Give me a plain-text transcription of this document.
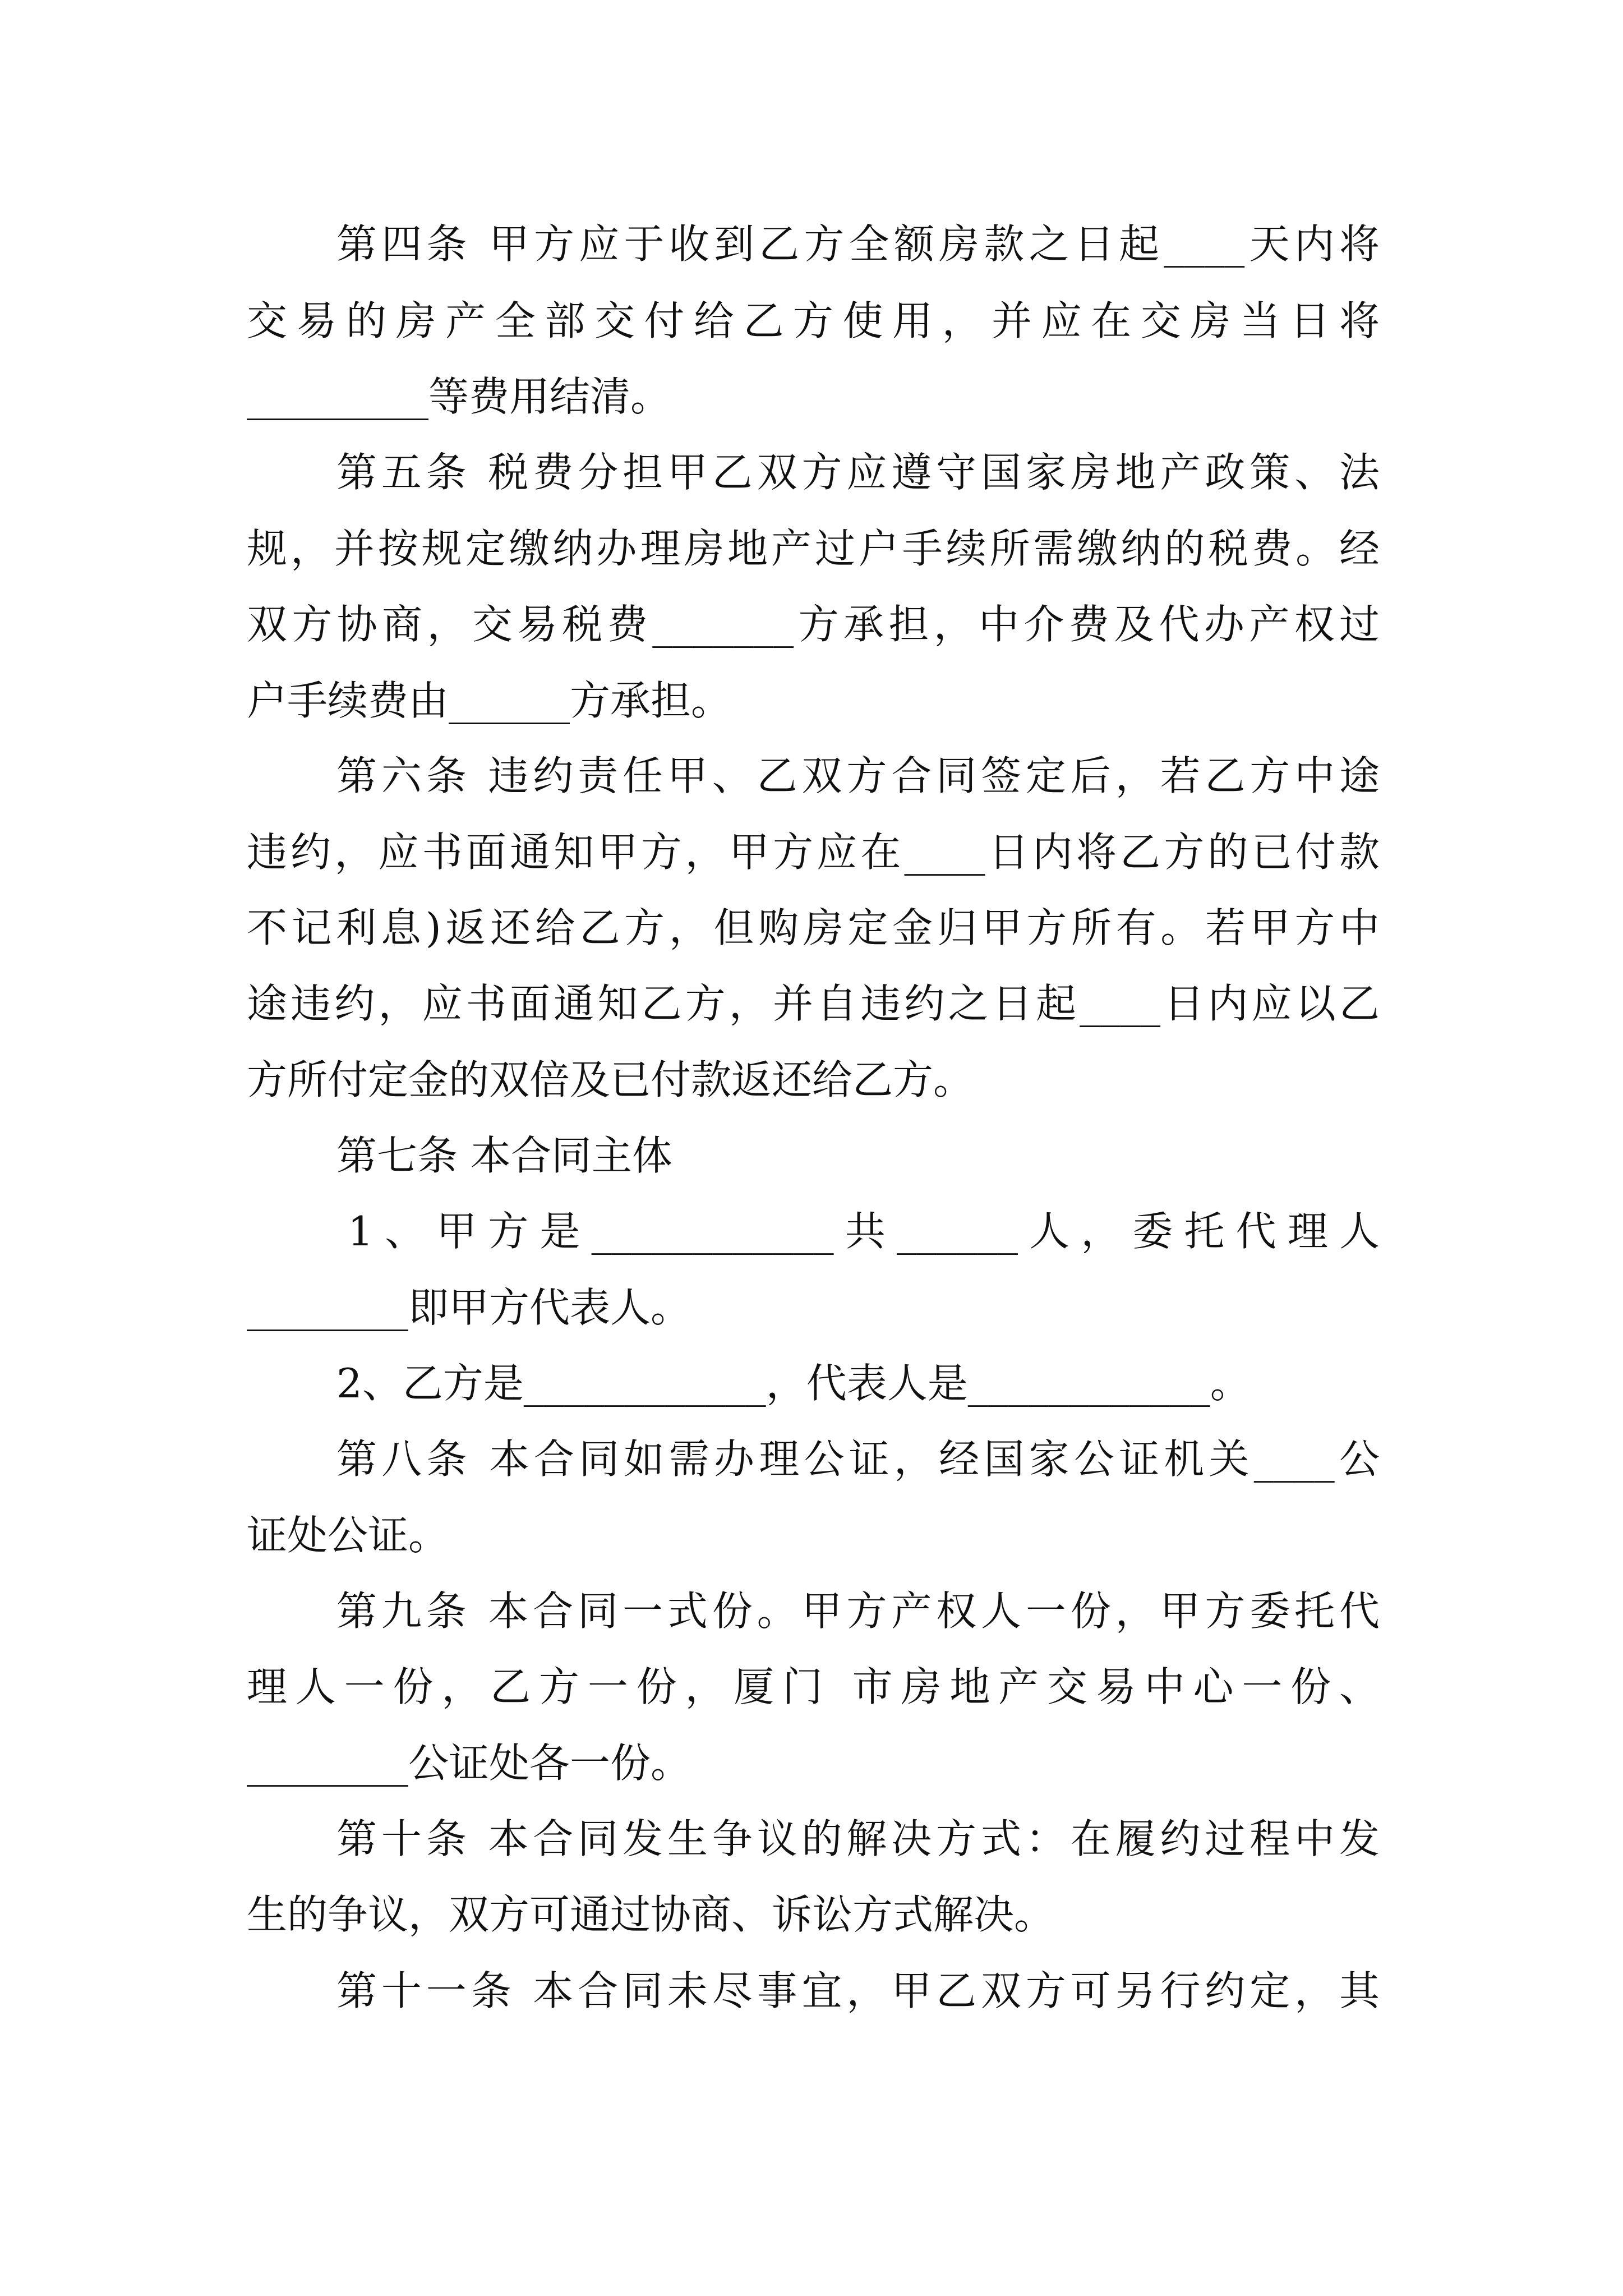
第四条 甲方应于收到乙方全额房款之日起____天内将
交易的房产全部交付给乙方使用，并应在交房当日将
_________等费用结清。
第五条 税费分担甲乙双方应遵守国家房地产政策、法
规，并按规定缴纳办理房地产过户手续所需缴纳的税费。经
双方协商，交易税费_______方承担，中介费及代办产权过
户手续费由______方承担。
第六条 违约责任甲、乙双方合同签定后，若乙方中途
违约，应书面通知甲方，甲方应在____日内将乙方的已付款
不记利息)返还给乙方，但购房定金归甲方所有。若甲方中
途违约，应书面通知乙方，并自违约之日起____日内应以乙
方所付定金的双倍及已付款返还给乙方。
第七条 本合同主体
1、甲方是____________共______人，委托代理人
________即甲方代表人。
2、乙方是____________，代表人是____________。
第八条 本合同如需办理公证，经国家公证机关____公
证处公证。
第九条 本合同一式份。甲方产权人一份，甲方委托代
理人一份，乙方一份，厦门 市房地产交易中心一份、
________公证处各一份。
第十条 本合同发生争议的解决方式：在履约过程中发
生的争议，双方可通过协商、诉讼方式解决。
第十一条 本合同未尽事宜，甲乙双方可另行约定，其
